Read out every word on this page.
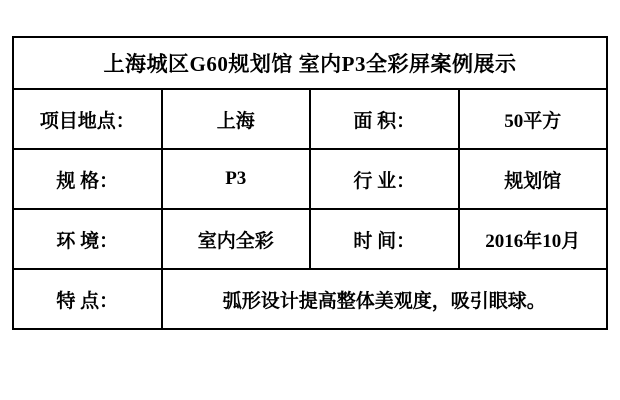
上海城区G60规划馆 室内P3全彩屏案例展示			
项目地点：	上海	面 积：	50平方
规 格：	P3	行 业：	规划馆
环 境：	室内全彩	时 间：	2016年10月
特 点：	弧形设计提高整体美观度，吸引眼球。		
